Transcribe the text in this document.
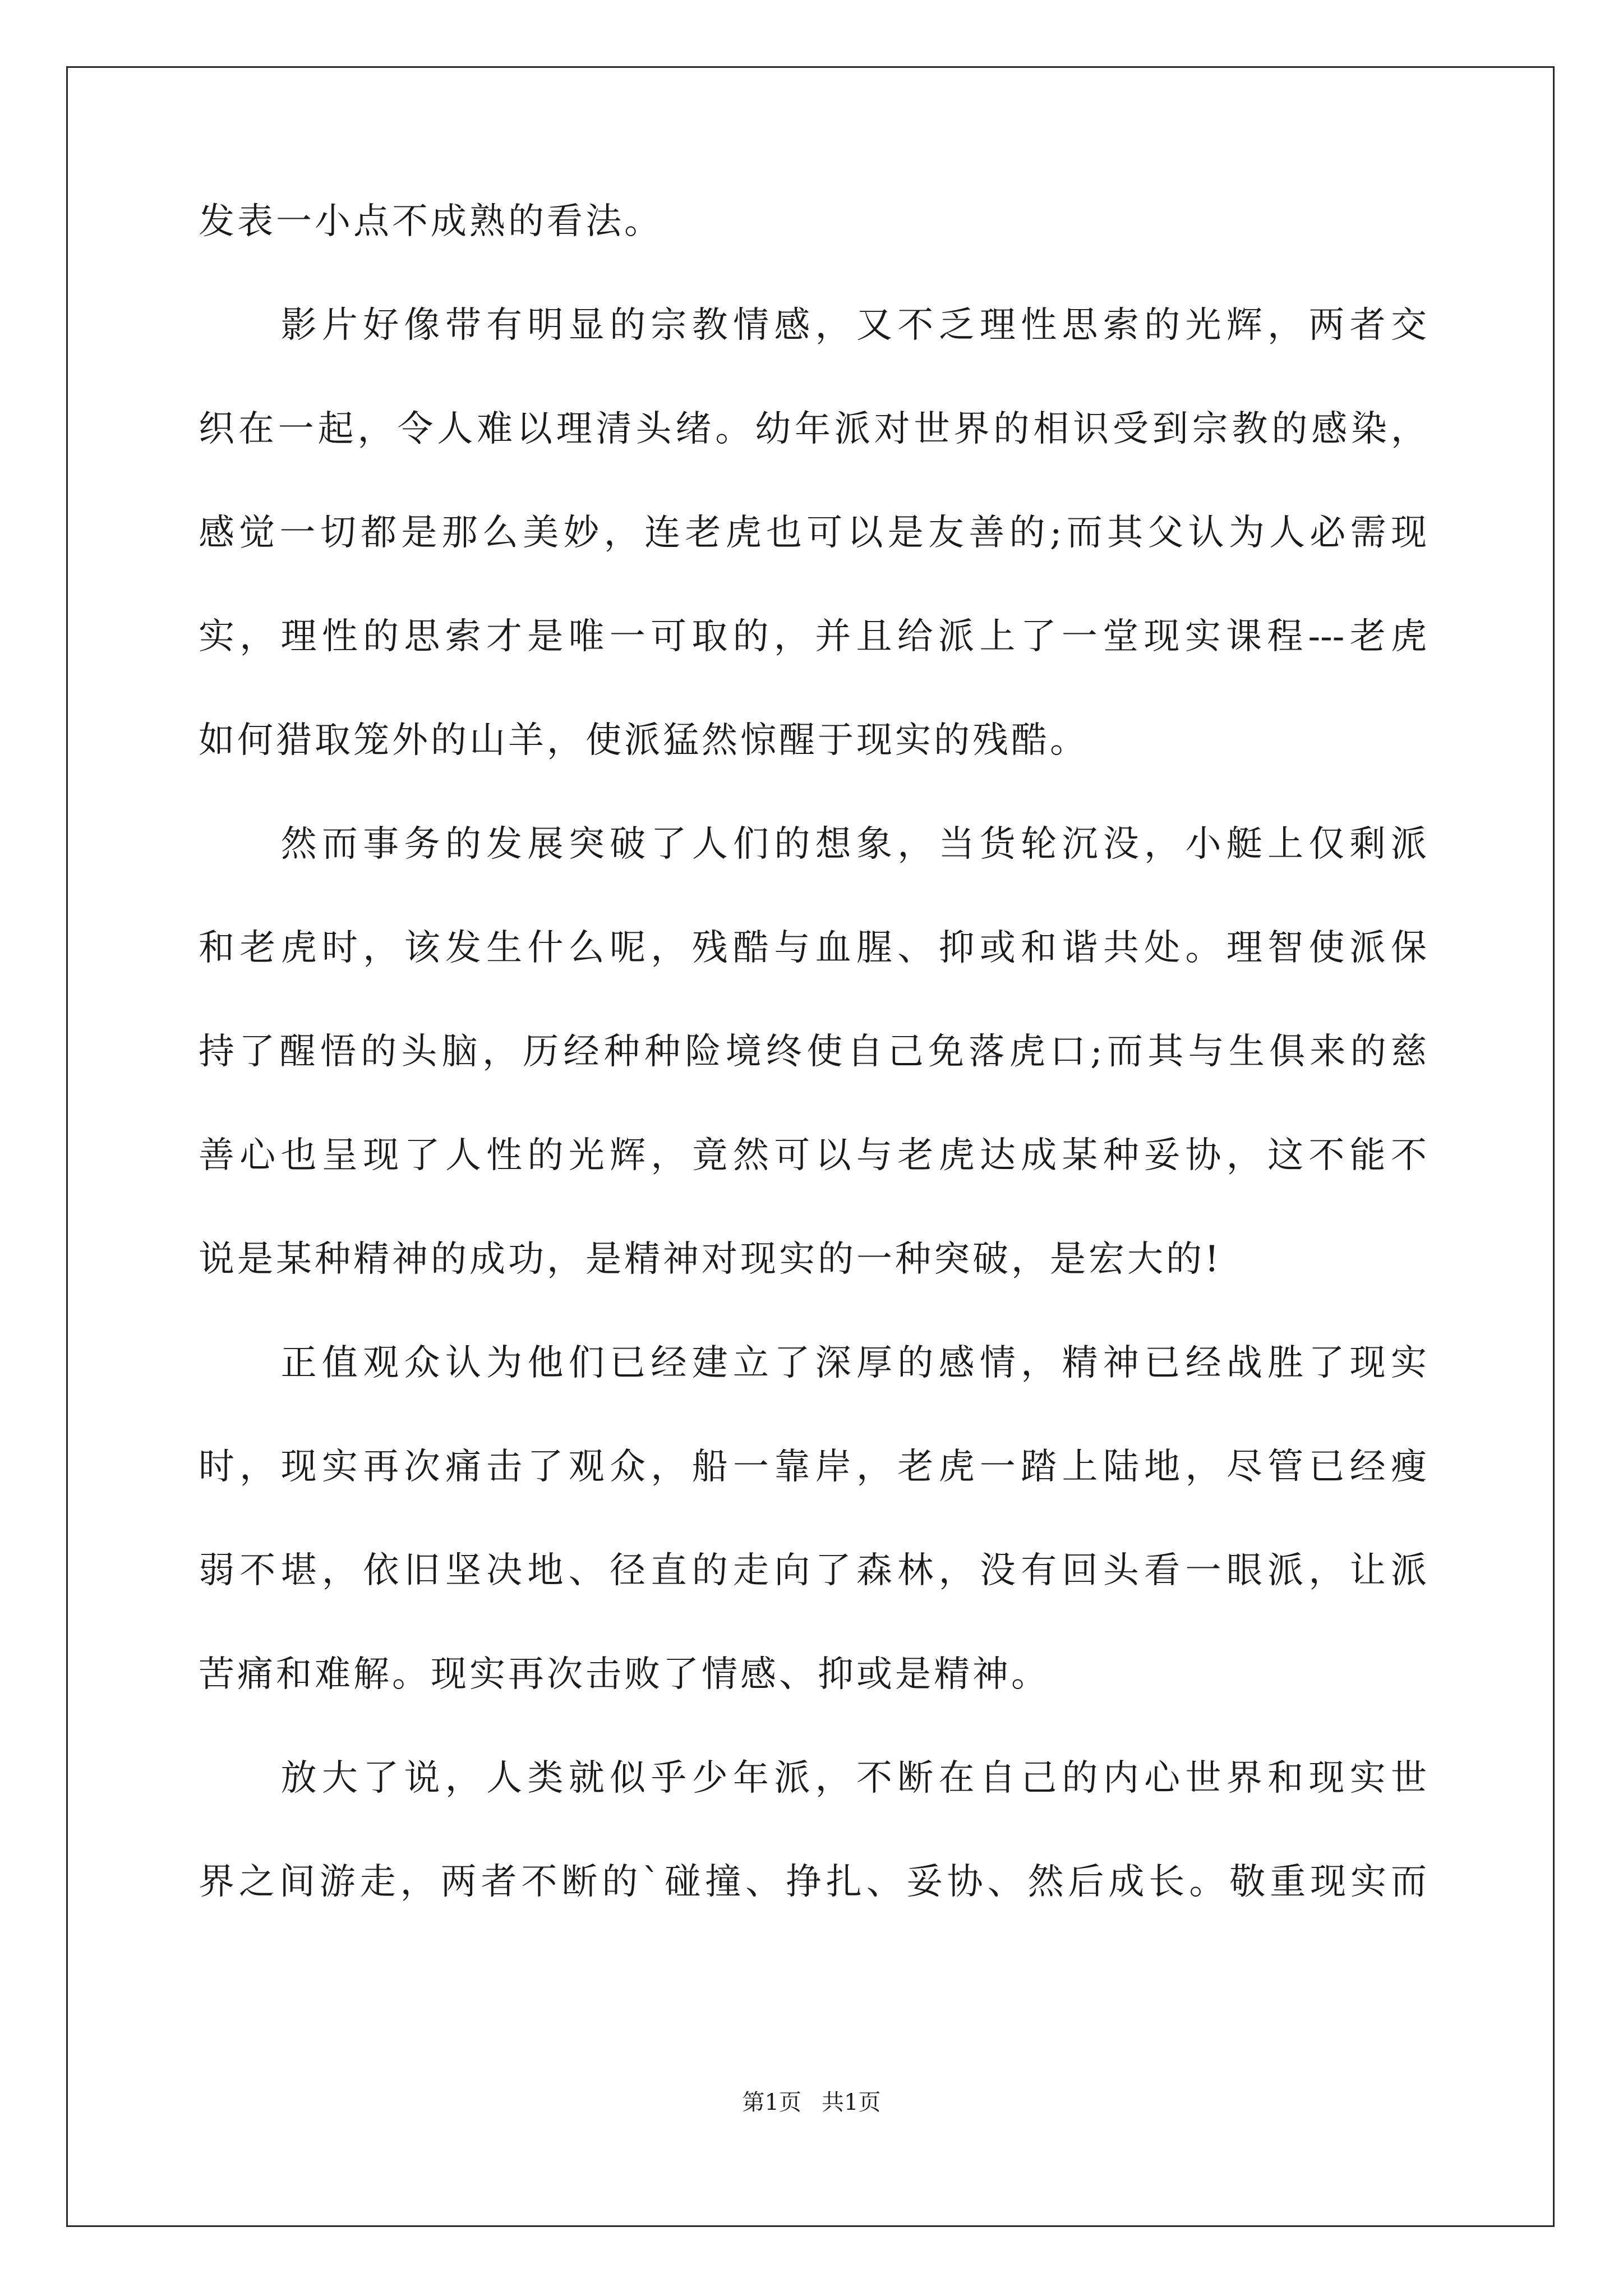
发表一小点不成熟的看法。
　　影片好像带有明显的宗教情感，又不乏理性思索的光辉，两者交
织在一起，令人难以理清头绪。幼年派对世界的相识受到宗教的感染，
感觉一切都是那么美妙，连老虎也可以是友善的;而其父认为人必需现
实，理性的思索才是唯一可取的，并且给派上了一堂现实课程---老虎
如何猎取笼外的山羊，使派猛然惊醒于现实的残酷。
　　然而事务的发展突破了人们的想象，当货轮沉没，小艇上仅剩派
和老虎时，该发生什么呢，残酷与血腥、抑或和谐共处。理智使派保
持了醒悟的头脑，历经种种险境终使自己免落虎口;而其与生俱来的慈
善心也呈现了人性的光辉，竟然可以与老虎达成某种妥协，这不能不
说是某种精神的成功，是精神对现实的一种突破，是宏大的!
　　正值观众认为他们已经建立了深厚的感情，精神已经战胜了现实
时，现实再次痛击了观众，船一靠岸，老虎一踏上陆地，尽管已经瘦
弱不堪，依旧坚决地、径直的走向了森林，没有回头看一眼派，让派
苦痛和难解。现实再次击败了情感、抑或是精神。
　　放大了说，人类就似乎少年派，不断在自己的内心世界和现实世
界之间游走，两者不断的`碰撞、挣扎、妥协、然后成长。敬重现实而
第1页 共1页
